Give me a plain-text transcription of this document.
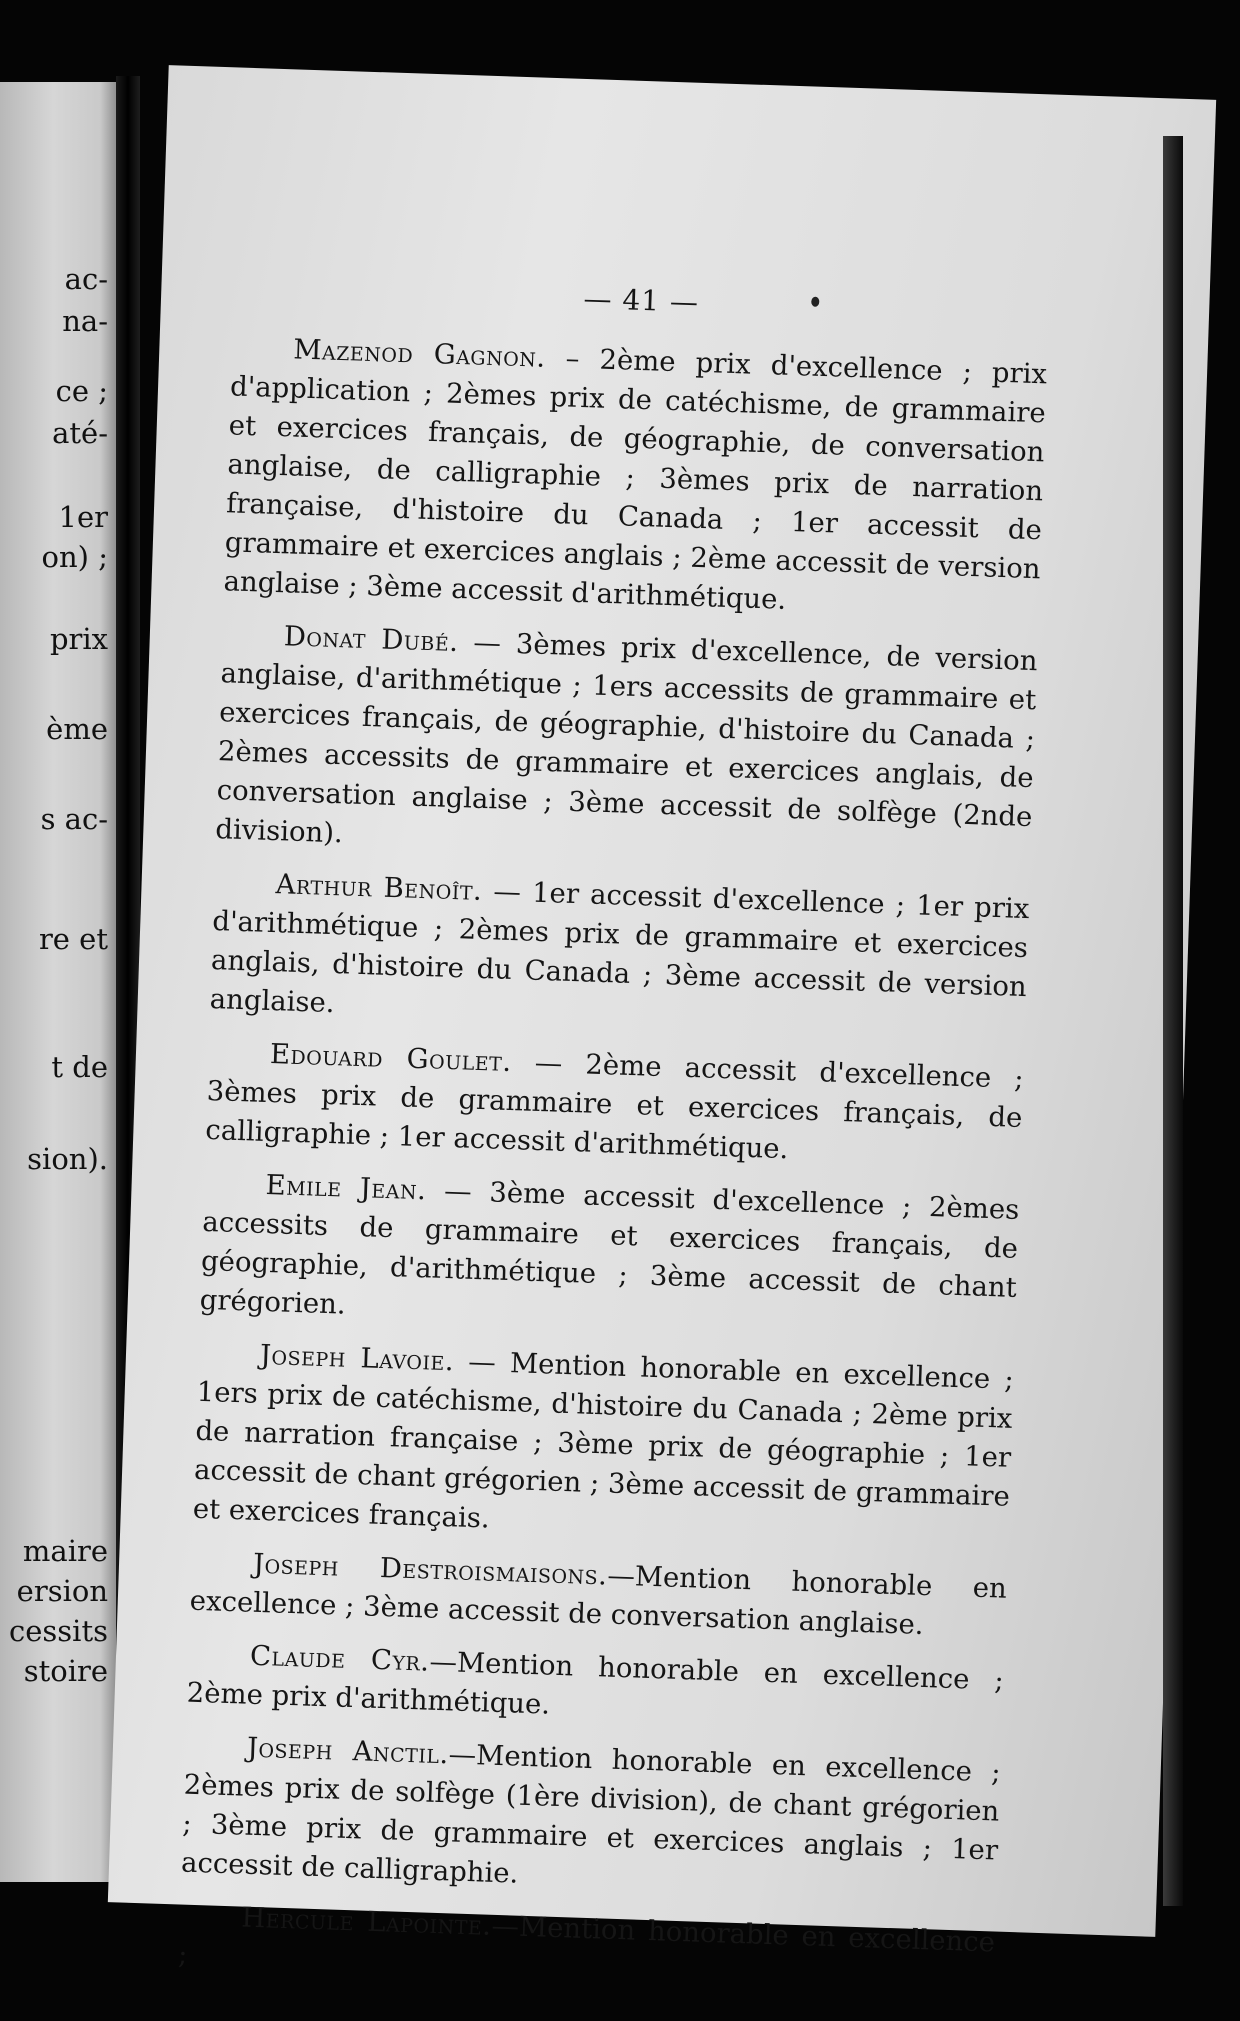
ac-
na-
ce ;
até-
1er
on) ;
prix
ème
s ac-
re et
t de
sion).
maire
ersion
cessits
stoire
— 41 —

Mazenod Gagnon. – 2ème prix d'excellence ; prix d'application ; 2èmes prix de catéchisme, de grammaire et exercices français, de géographie, de conversation anglaise, de calligraphie ; 3èmes prix de narration française, d'histoire du Canada ; 1er accessit de grammaire et exercices anglais ; 2ème accessit de version anglaise ; 3ème accessit d'arithmétique.

Donat Dubé. — 3èmes prix d'excellence, de version anglaise, d'arithmétique ; 1ers accessits de grammaire et exercices français, de géographie, d'histoire du Canada ; 2èmes accessits de grammaire et exercices anglais, de conversation anglaise ; 3ème accessit de solfège (2nde division).

Arthur Benoît. — 1er accessit d'excellence ; 1er prix d'arithmétique ; 2èmes prix de grammaire et exercices anglais, d'histoire du Canada ; 3ème accessit de version anglaise.

Edouard Goulet. — 2ème accessit d'excellence ; 3èmes prix de grammaire et exercices français, de calligraphie ; 1er accessit d'arithmétique.

Emile Jean. — 3ème accessit d'excellence ; 2èmes accessits de grammaire et exercices français, de géographie, d'arithmétique ; 3ème accessit de chant grégorien.

Joseph Lavoie. — Mention honorable en excellence ; 1ers prix de catéchisme, d'histoire du Canada ; 2ème prix de narration française ; 3ème prix de géographie ; 1er accessit de chant grégorien ; 3ème accessit de grammaire et exercices français.

Joseph Destroismaisons.—Mention honorable en excellence ; 3ème accessit de conversation anglaise.

Claude Cyr.—Mention honorable en excellence ; 2ème prix d'arithmétique.

Joseph Anctil.—Mention honorable en excellence ; 2èmes prix de solfège (1ère division), de chant grégorien ; 3ème prix de grammaire et exercices anglais ; 1er accessit de calligraphie.

Hercule Lapointe.—Mention honorable en excellence ;
